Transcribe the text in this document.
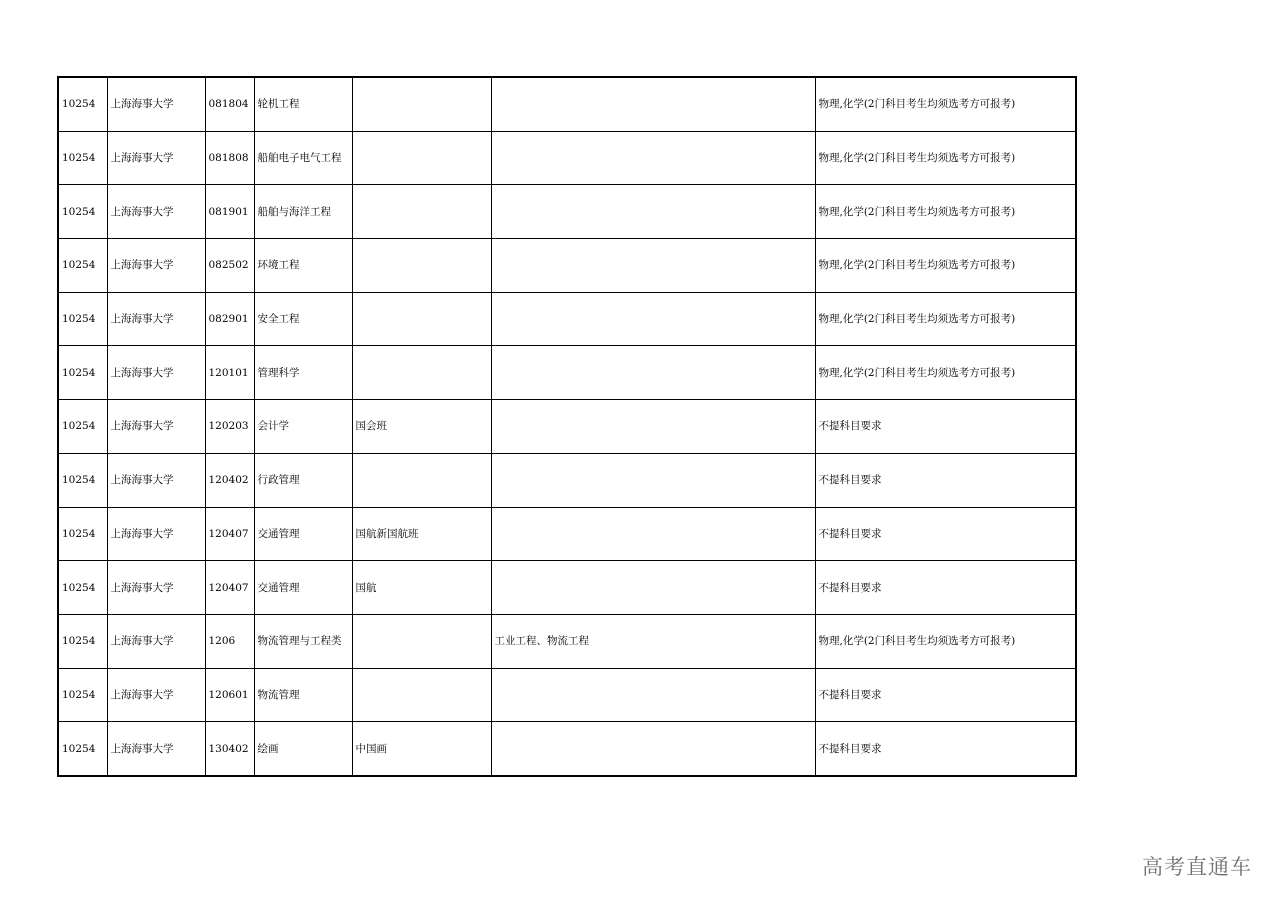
10254	上海海事大学	081804	轮机工程			物理,化学(2门科目考生均须选考方可报考)
10254	上海海事大学	081808	船舶电子电气工程			物理,化学(2门科目考生均须选考方可报考)
10254	上海海事大学	081901	船舶与海洋工程			物理,化学(2门科目考生均须选考方可报考)
10254	上海海事大学	082502	环境工程			物理,化学(2门科目考生均须选考方可报考)
10254	上海海事大学	082901	安全工程			物理,化学(2门科目考生均须选考方可报考)
10254	上海海事大学	120101	管理科学			物理,化学(2门科目考生均须选考方可报考)
10254	上海海事大学	120203	会计学	国会班		不提科目要求
10254	上海海事大学	120402	行政管理			不提科目要求
10254	上海海事大学	120407	交通管理	国航新国航班		不提科目要求
10254	上海海事大学	120407	交通管理	国航		不提科目要求
10254	上海海事大学	1206	物流管理与工程类		工业工程、物流工程	物理,化学(2门科目考生均须选考方可报考)
10254	上海海事大学	120601	物流管理			不提科目要求
10254	上海海事大学	130402	绘画	中国画		不提科目要求
高考直通车
